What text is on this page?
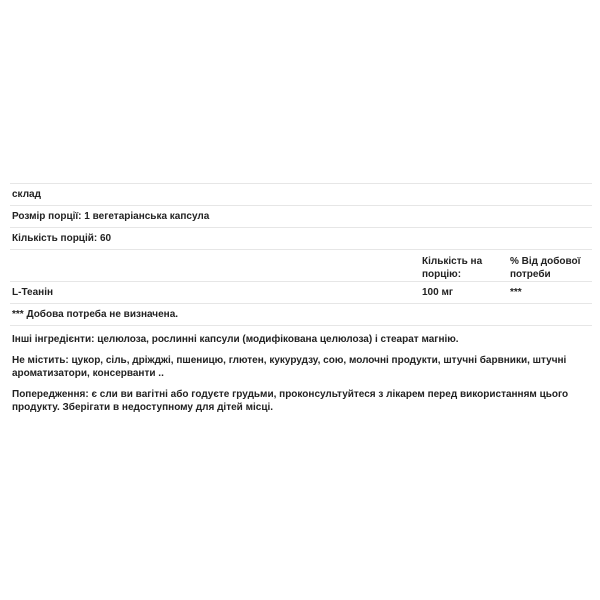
склад
Розмір порції: 1 вегетаріанська капсула
Кількість порцій: 60
Кількість на порцію:
% Від добової потреби
L-Теанін	100 мг	***
*** Добова потреба не визначена.

Інші інгредієнти: целюлоза, рослинні капсули (модифікована целюлоза) і стеарат магнію.

Не містить: цукор, сіль, дріжджі, пшеницю, глютен, кукурудзу, сою, молочні продукти, штучні барвники, штучні ароматизатори, консерванти ..

Попередження: є сли ви вагітні або годуєте грудьми, проконсультуйтеся з лікарем перед використанням цього продукту. Зберігати в недоступному для дітей місці.
